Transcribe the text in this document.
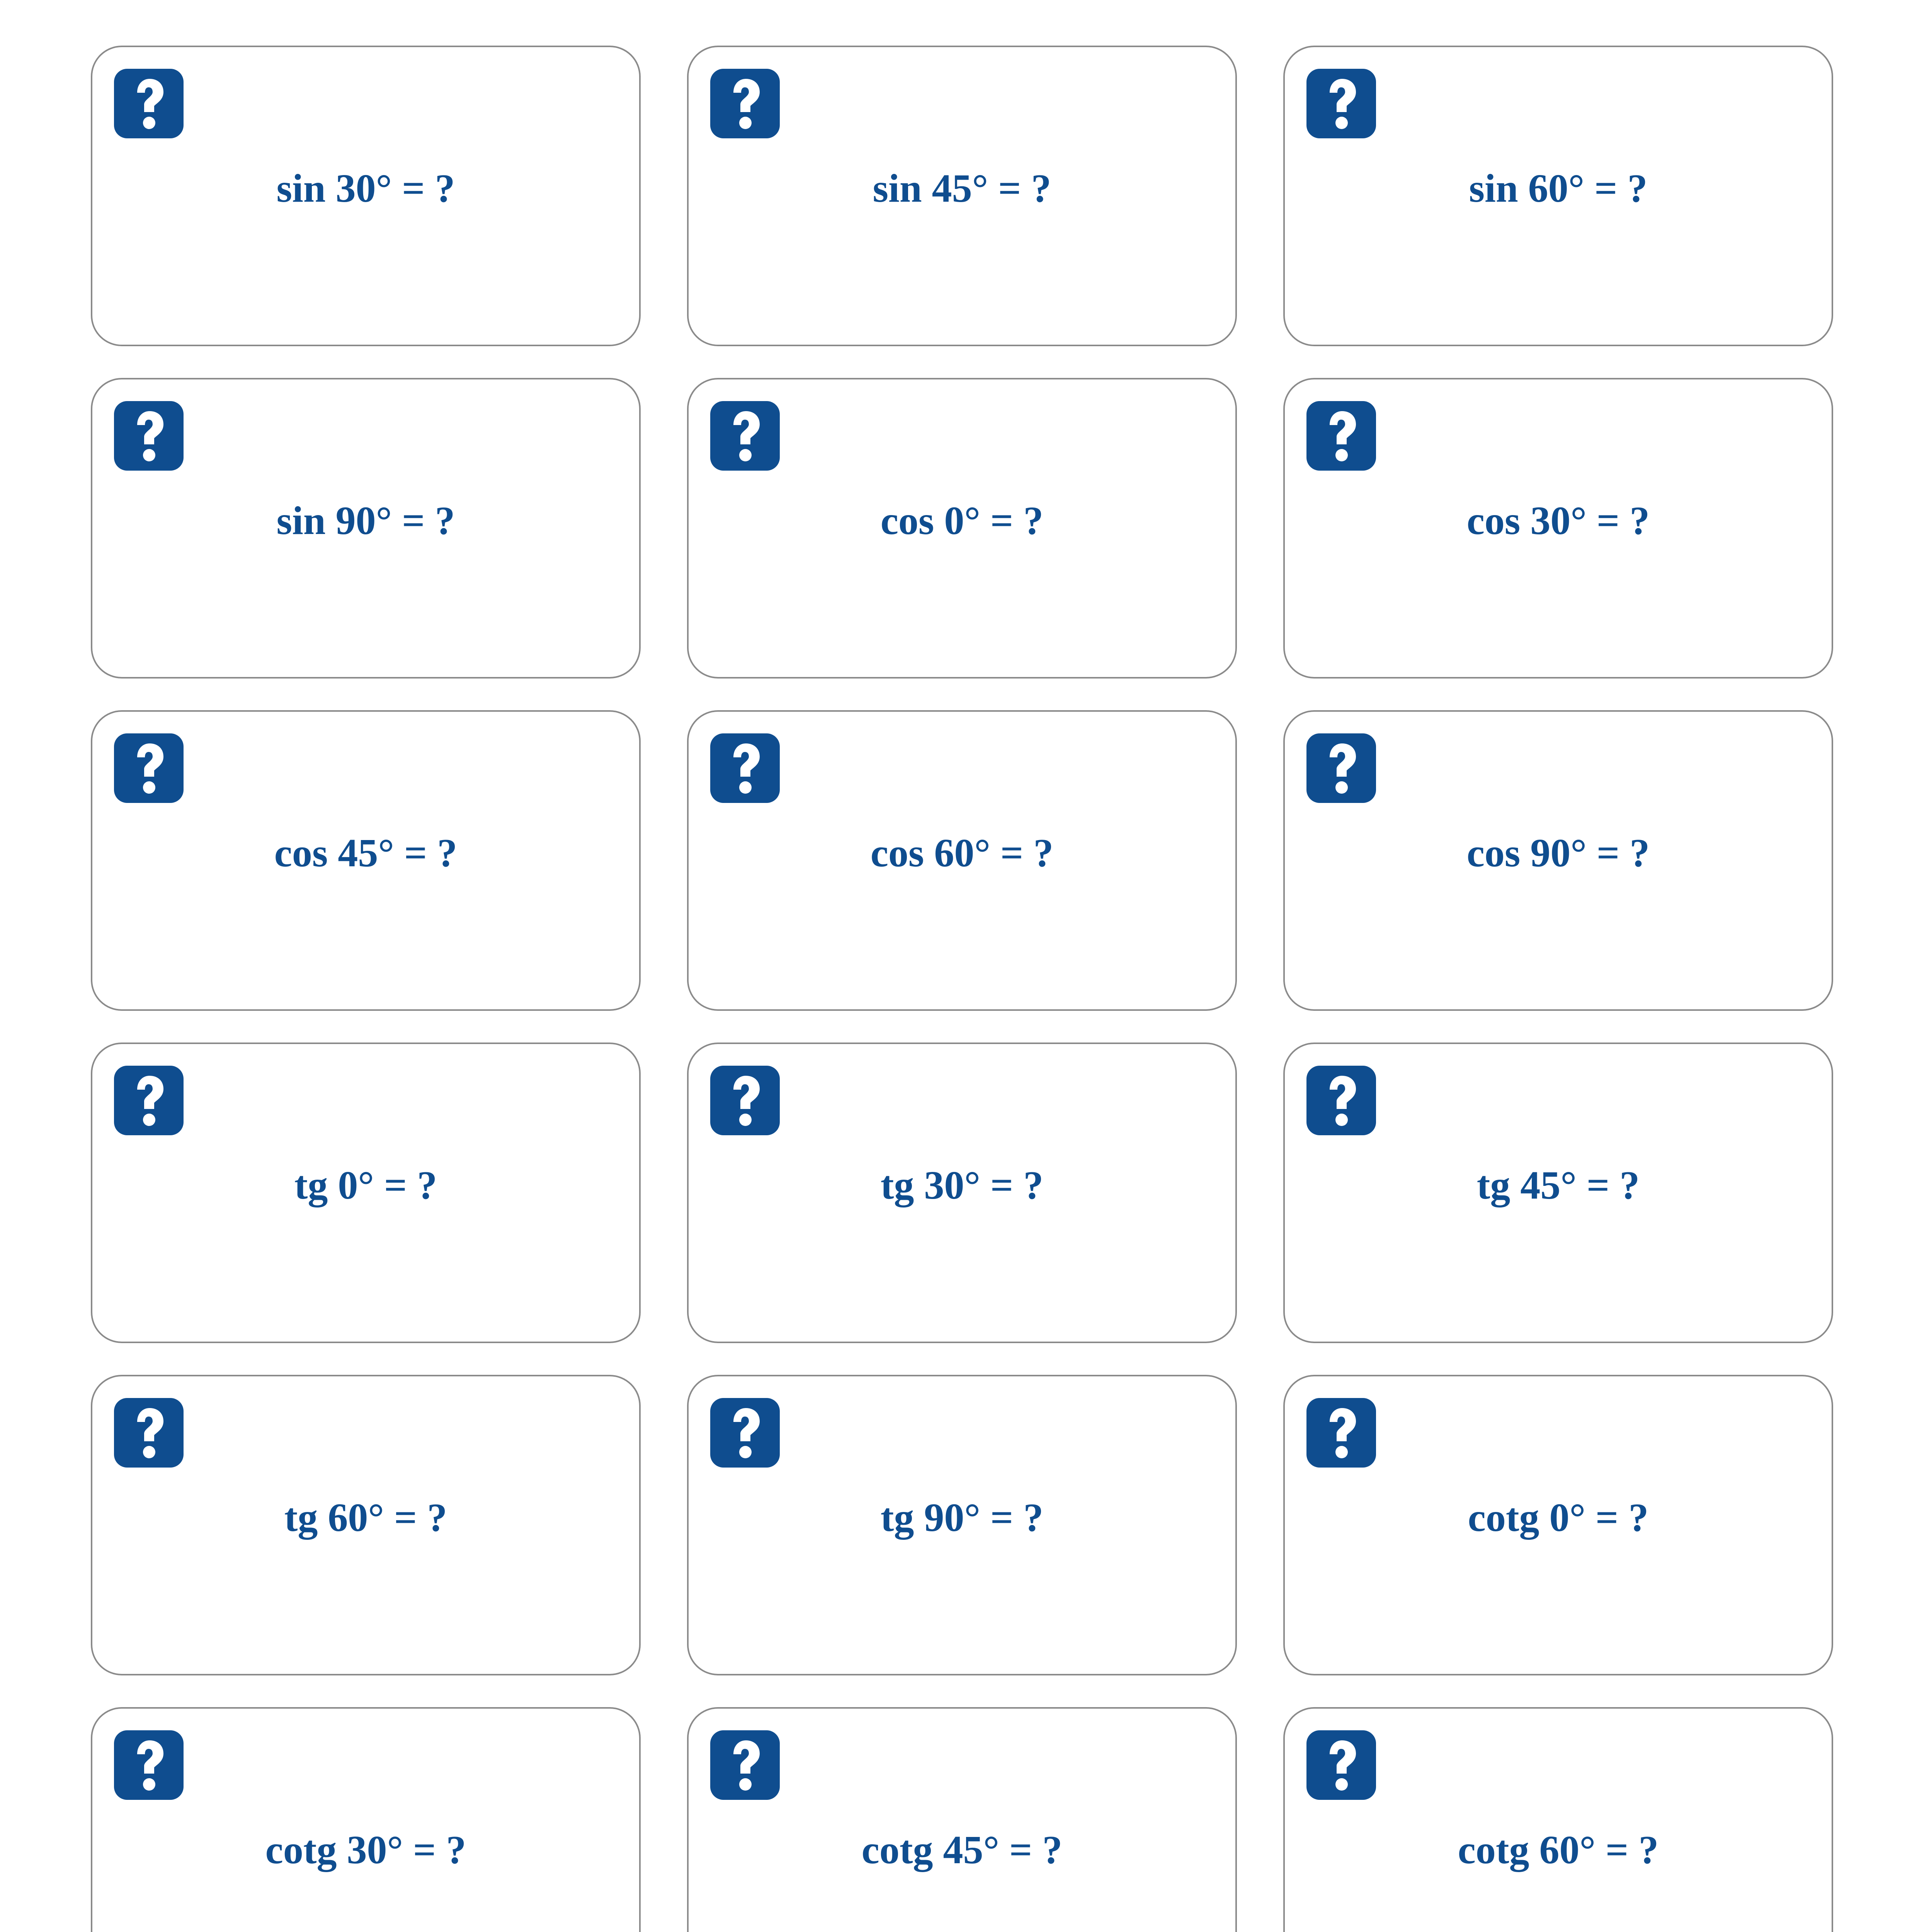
sin 30° = ?	sin 45° = ?	sin 60° = ?
sin 90° = ?	cos 0° = ?	cos 30° = ?
cos 45° = ?	cos 60° = ?	cos 90° = ?
tg 0° = ?	tg 30° = ?	tg 45° = ?
tg 60° = ?	tg 90° = ?	cotg 0° = ?
cotg 30° = ?	cotg 45° = ?	cotg 60° = ?
